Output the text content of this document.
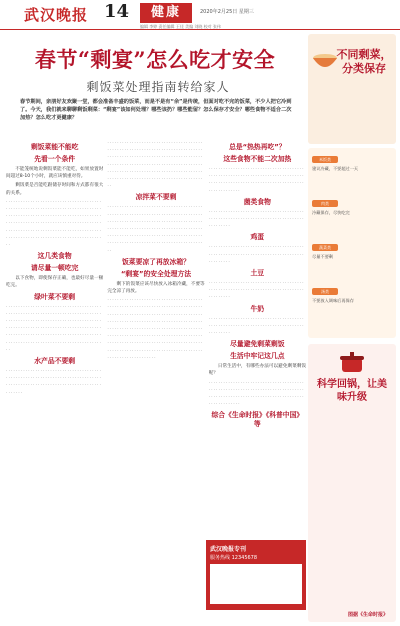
武汉晚报 14	健康	2020年2月25日 星期三
编辑 李婷 责任编辑 王佳 美编 刘晓 校对 张伟
春节“剩宴”怎么吃才安全
剩饭菜处理指南转给家人
春节期间，亲朋好友欢聚一堂，都会准备丰盛的饭菜，而是不是有“余”是传统，但面对吃不完的饭菜，不少人把它冷到了。今天，我们就来聊聊剩饭剩菜：“剩宴”该如何处理？哪些该扔？哪些能留？怎么保存才安全？哪些食物不适合二次加热？怎么吃才更健康？
剩饭菜能不能吃
先看一个条件

不能笼统地说剩饭菜能不能吃，如果放置时间超过8-10个小时，就应该慎重对待。

剩饭菜是否能吃跟储存时间和方式都有很大的关系。

············································································································································································································································
这几类食物
请尽量一顿吃完

以下食物，即使保存正确，也最好尽量一顿吃完。

绿叶菜不要剩
············································································································································································································································
水产品不要剩
····························································································································
············································································································································································································································
凉拌菜不要剩
············································································································································································································································
饭菜要凉了再放冰箱？
“剩宴”的安全处理方法

剩下的饭菜应该尽快放入冰箱冷藏，不要等完全凉了再放。

············································································································································································································································································································································
总是“热热再吃”？
这些食物不能二次加热
··································································································································
菌类食物
·······················································································
鸡蛋
·······················································································
土豆
·······················································································
牛奶
·······················································································
尽量避免剩菜剩饭
生活中牢记这几点

日常生活中，有哪些办法可以避免剩菜剩饭呢？

··································································································································
综合《生命时报》《科普中国》等
武汉晚报专刊
服务热线 12345678
不同剩菜，分类保存
米饭类
建议冷藏，不要超过一天
肉类
冷藏保存，尽快吃完
蔬菜类
尽量不要剩
汤类
不要放入调味后再保存
科学回锅，让美味升级
图据《生命时报》
